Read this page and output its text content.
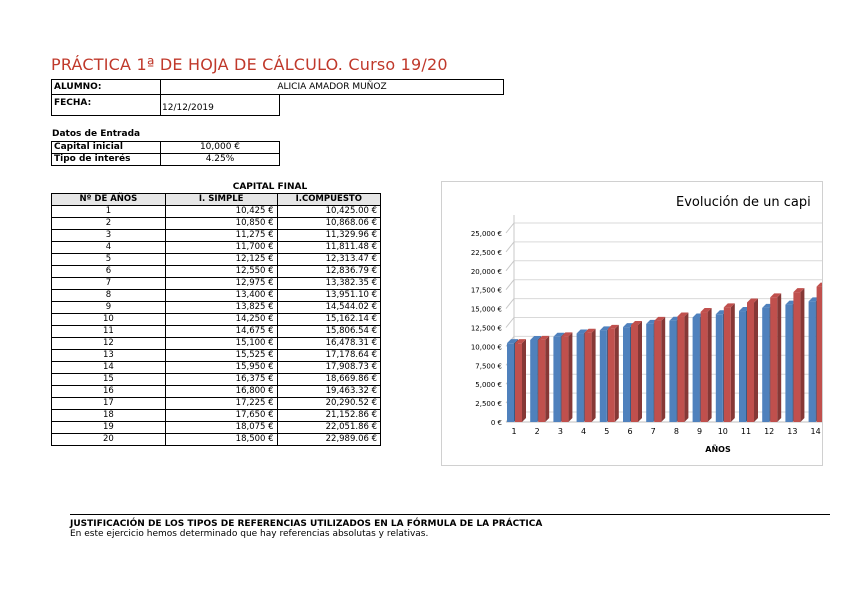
PRÁCTICA 1ª DE HOJA DE CÁLCULO. Curso 19/20
ALUMNO:	ALICIA AMADOR MUÑOZ
FECHA:	12/12/2019
Datos de Entrada
Capital inicial	10,000 €
Tipo de interés	4.25%
CAPITAL FINAL
Nº DE AÑOS	I. SIMPLE	I.COMPUESTO
1	10,425 €	10,425.00 €
2	10,850 €	10,868.06 €
3	11,275 €	11,329.96 €
4	11,700 €	11,811.48 €
5	12,125 €	12,313.47 €
6	12,550 €	12,836.79 €
7	12,975 €	13,382.35 €
8	13,400 €	13,951.10 €
9	13,825 €	14,544.02 €
10	14,250 €	15,162.14 €
11	14,675 €	15,806.54 €
12	15,100 €	16,478.31 €
13	15,525 €	17,178.64 €
14	15,950 €	17,908.73 €
15	16,375 €	18,669.86 €
16	16,800 €	19,463.32 €
17	17,225 €	20,290.52 €
18	17,650 €	21,152.86 €
19	18,075 €	22,051.86 €
20	18,500 €	22,989.06 €
Evolución de un capi
0 €
2,500 €
5,000 €
7,500 €
10,000 €
12,500 €
15,000 €
17,500 €
20,000 €
22,500 €
25,000 €
1 2 3 4 5 6 7 8 9 10 11 12 13 14
AÑOS
JUSTIFICACIÓN DE LOS TIPOS DE REFERENCIAS UTILIZADOS EN LA FÓRMULA DE LA PRÁCTICA
En este ejercicio hemos determinado que hay referencias absolutas y relativas.
